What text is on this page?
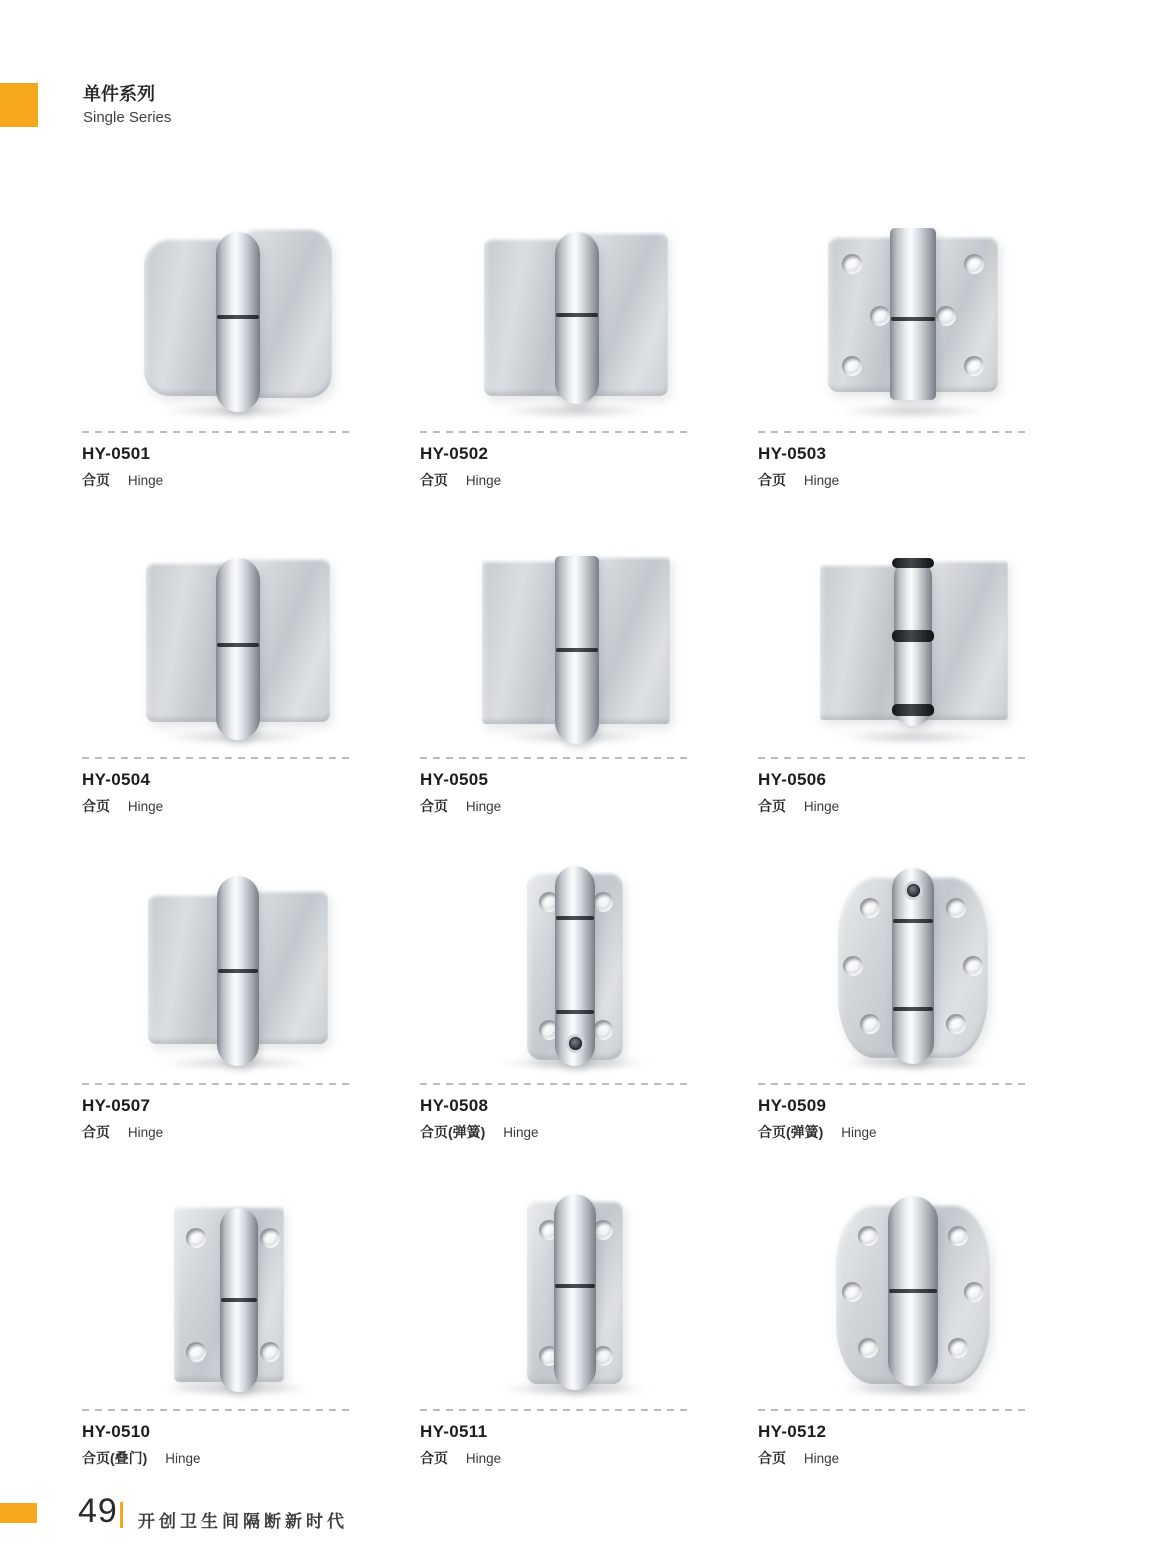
单件系列
Single Series
HY-0501
合页 Hinge
HY-0502
合页 Hinge
HY-0503
合页 Hinge
HY-0504
合页 Hinge
HY-0505
合页 Hinge
HY-0506
合页 Hinge
HY-0507
合页 Hinge
HY-0508
合页(弹簧) Hinge
HY-0509
合页(弹簧) Hinge
HY-0510
合页(叠门) Hinge
HY-0511
合页 Hinge
HY-0512
合页 Hinge
49 开创卫生间隔断新时代
